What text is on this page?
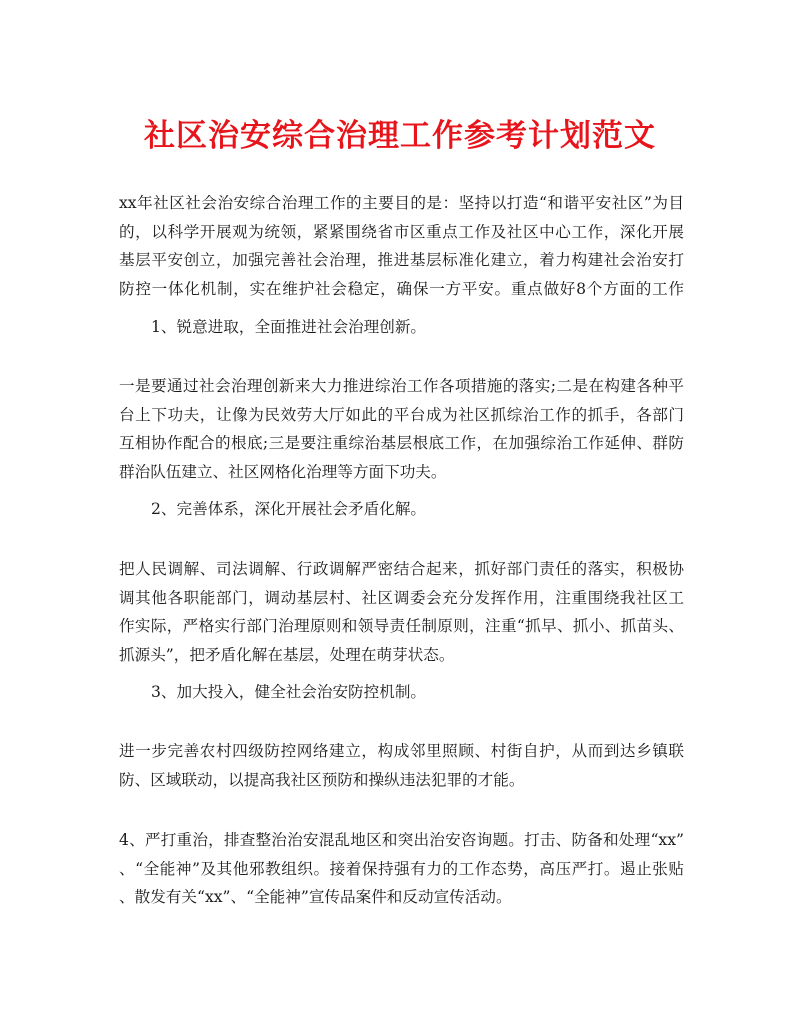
社区治安综合治理工作参考计划范文
xx年社区社会治安综合治理工作的主要目的是：坚持以打造“和谐平安社区”为目
的，以科学开展观为统领，紧紧围绕省市区重点工作及社区中心工作，深化开展
基层平安创立，加强完善社会治理，推进基层标准化建立，着力构建社会治安打
防控一体化机制，实在维护社会稳定，确保一方平安。重点做好8个方面的工作
1、锐意进取，全面推进社会治理创新。
一是要通过社会治理创新来大力推进综治工作各项措施的落实;二是在构建各种平
台上下功夫，让像为民效劳大厅如此的平台成为社区抓综治工作的抓手，各部门
互相协作配合的根底;三是要注重综治基层根底工作，在加强综治工作延伸、群防
群治队伍建立、社区网格化治理等方面下功夫。
2、完善体系，深化开展社会矛盾化解。
把人民调解、司法调解、行政调解严密结合起来，抓好部门责任的落实，积极协
调其他各职能部门，调动基层村、社区调委会充分发挥作用，注重围绕我社区工
作实际，严格实行部门治理原则和领导责任制原则，注重“抓早、抓小、抓苗头、
抓源头”，把矛盾化解在基层，处理在萌芽状态。
3、加大投入，健全社会治安防控机制。
进一步完善农村四级防控网络建立，构成邻里照顾、村街自护，从而到达乡镇联
防、区域联动，以提高我社区预防和操纵违法犯罪的才能。
4、严打重治，排查整治治安混乱地区和突出治安咨询题。打击、防备和处理“xx”
、“全能神”及其他邪教组织。接着保持强有力的工作态势，高压严打。遏止张贴
、散发有关“xx”、“全能神”宣传品案件和反动宣传活动。
